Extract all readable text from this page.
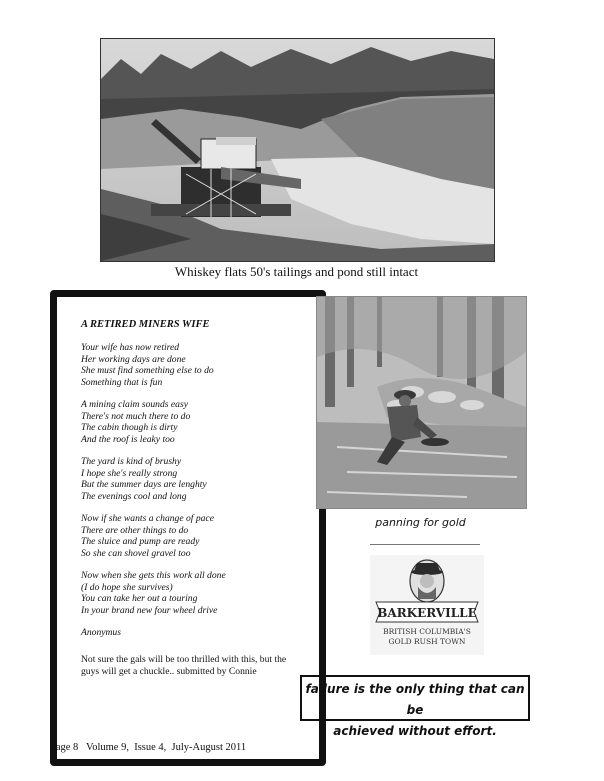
Whiskey flats 50's tailings and pond still intact
A RETIRED MINERS WIFE
Your wife has now retired
Her working days are done
She must find something else to do
Something that is fun
A mining claim sounds easy
There's not much there to do
The cabin though is dirty
And the roof is leaky too
The yard is kind of brushy
I hope she's really strong
But the summer days are lenghty
The evenings cool and long
Now if she wants a change of pace
There are other things to do
The sluice and pump are ready
So she can shovel gravel too
Now when she gets this work all done
(I do hope she survives)
You can take her out a touring
In your brand new four wheel drive
Anonymus
Not sure the gals will be too thrilled with this, but the guys will get a chuckle.. submitted by Connie
panning for gold
BARKERVILLE
BRITISH COLUMBIA'S
GOLD RUSH TOWN
failure is the only thing that can be
achieved without effort.
Page 8   Volume 9,  Issue 4,  July-August 2011
